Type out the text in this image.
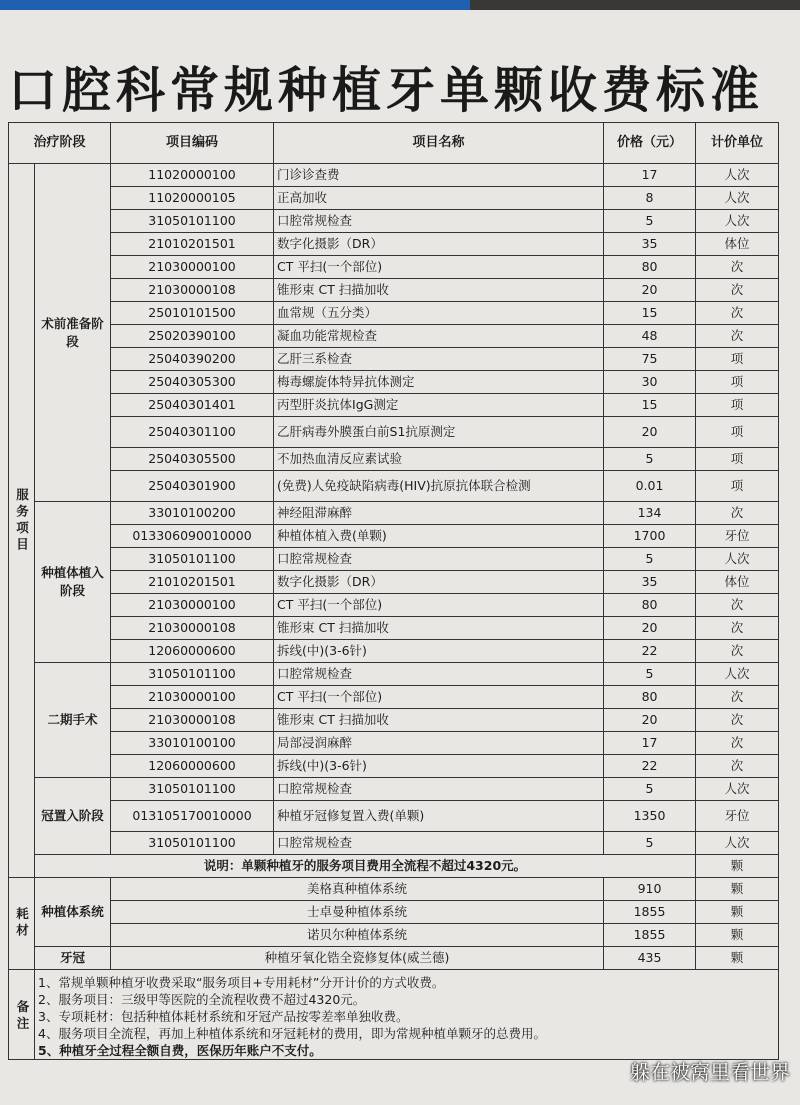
口腔科常规种植牙单颗收费标准
治疗阶段		项目编码	项目名称	价格（元）	计价单位
服务项目	术前准备阶段	11020000100	门诊诊查费	17	人次
		11020000105	正高加收	8	人次
		31050101100	口腔常规检查	5	人次
		21010201501	数字化摄影（DR）	35	体位
		21030000100	CT 平扫(一个部位)	80	次
		21030000108	锥形束 CT 扫描加收	20	次
		25010101500	血常规（五分类）	15	次
		25020390100	凝血功能常规检查	48	次
		25040390200	乙肝三系检查	75	项
		25040305300	梅毒螺旋体特异抗体测定	30	项
		25040301401	丙型肝炎抗体IgG测定	15	项
		25040301100	乙肝病毒外膜蛋白前S1抗原测定	20	项
		25040305500	不加热血清反应素试验	5	项
		25040301900	(免费)人免疫缺陷病毒(HIV)抗原抗体联合检测	0.01	项
	种植体植入阶段	33010100200	神经阻滞麻醉	134	次
		013306090010000	种植体植入费(单颗)	1700	牙位
		31050101100	口腔常规检查	5	人次
		21010201501	数字化摄影（DR）	35	体位
		21030000100	CT 平扫(一个部位)	80	次
		21030000108	锥形束 CT 扫描加收	20	次
		12060000600	拆线(中)(3-6针)	22	次
	二期手术	31050101100	口腔常规检查	5	人次
		21030000100	CT 平扫(一个部位)	80	次
		21030000108	锥形束 CT 扫描加收	20	次
		33010100100	局部浸润麻醉	17	次
		12060000600	拆线(中)(3-6针)	22	次
	冠置入阶段	31050101100	口腔常规检查	5	人次
		013105170010000	种植牙冠修复置入费(单颗)	1350	牙位
		31050101100	口腔常规检查	5	人次
	说明：单颗种植牙的服务项目费用全流程不超过4320元。				颗
耗材	种植体系统	美格真种植体系统		910	颗
		士卓曼种植体系统		1855	颗
		诺贝尔种植体系统		1855	颗
	牙冠	种植牙氧化锆全瓷修复体(威兰德)		435	颗
备注	1、常规单颗种植牙收费采取“服务项目+专用耗材”分开计价的方式收费。
2、服务项目：三级甲等医院的全流程收费不超过4320元。
3、专项耗材：包括种植体耗材系统和牙冠产品按零差率单独收费。
4、服务项目全流程，再加上种植体系统和牙冠耗材的费用，即为常规种植单颗牙的总费用。
5、种植牙全过程全额自费，医保历年账户不支付。				
躲在被窝里看世界
